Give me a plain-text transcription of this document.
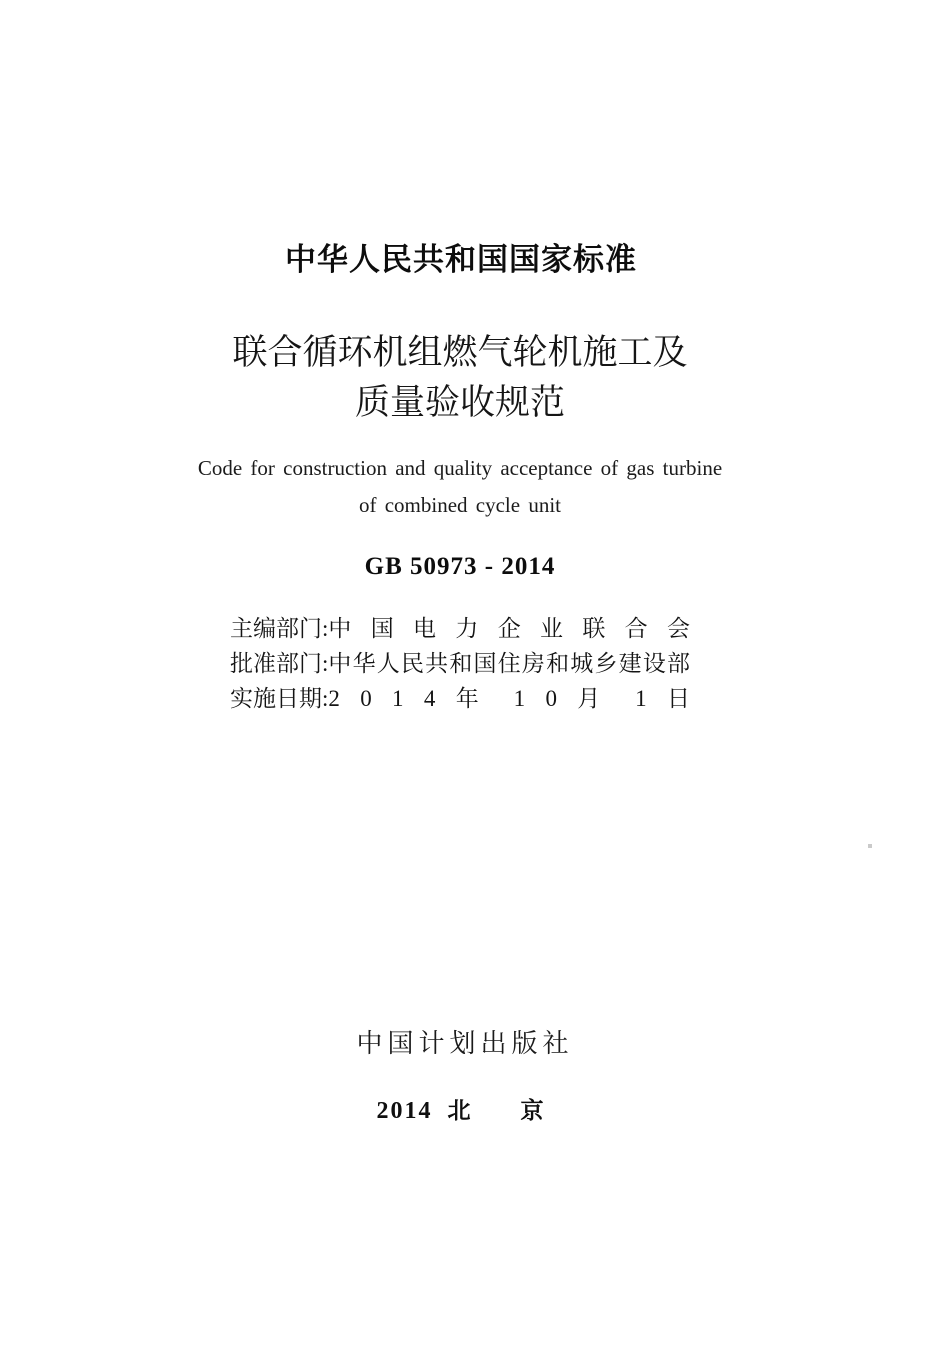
中华人民共和国国家标准
联合循环机组燃气轮机施工及
质量验收规范
Code for construction and quality acceptance of gas turbine
of combined cycle unit
GB 50973 - 2014
主编部门: 中 国 电 力 企 业 联 合 会
批准部门: 中华人民共和国住房和城乡建设部
实施日期: 2 0 1 4 年 1 0 月 1 日
中国计划出版社
2014 北 京
